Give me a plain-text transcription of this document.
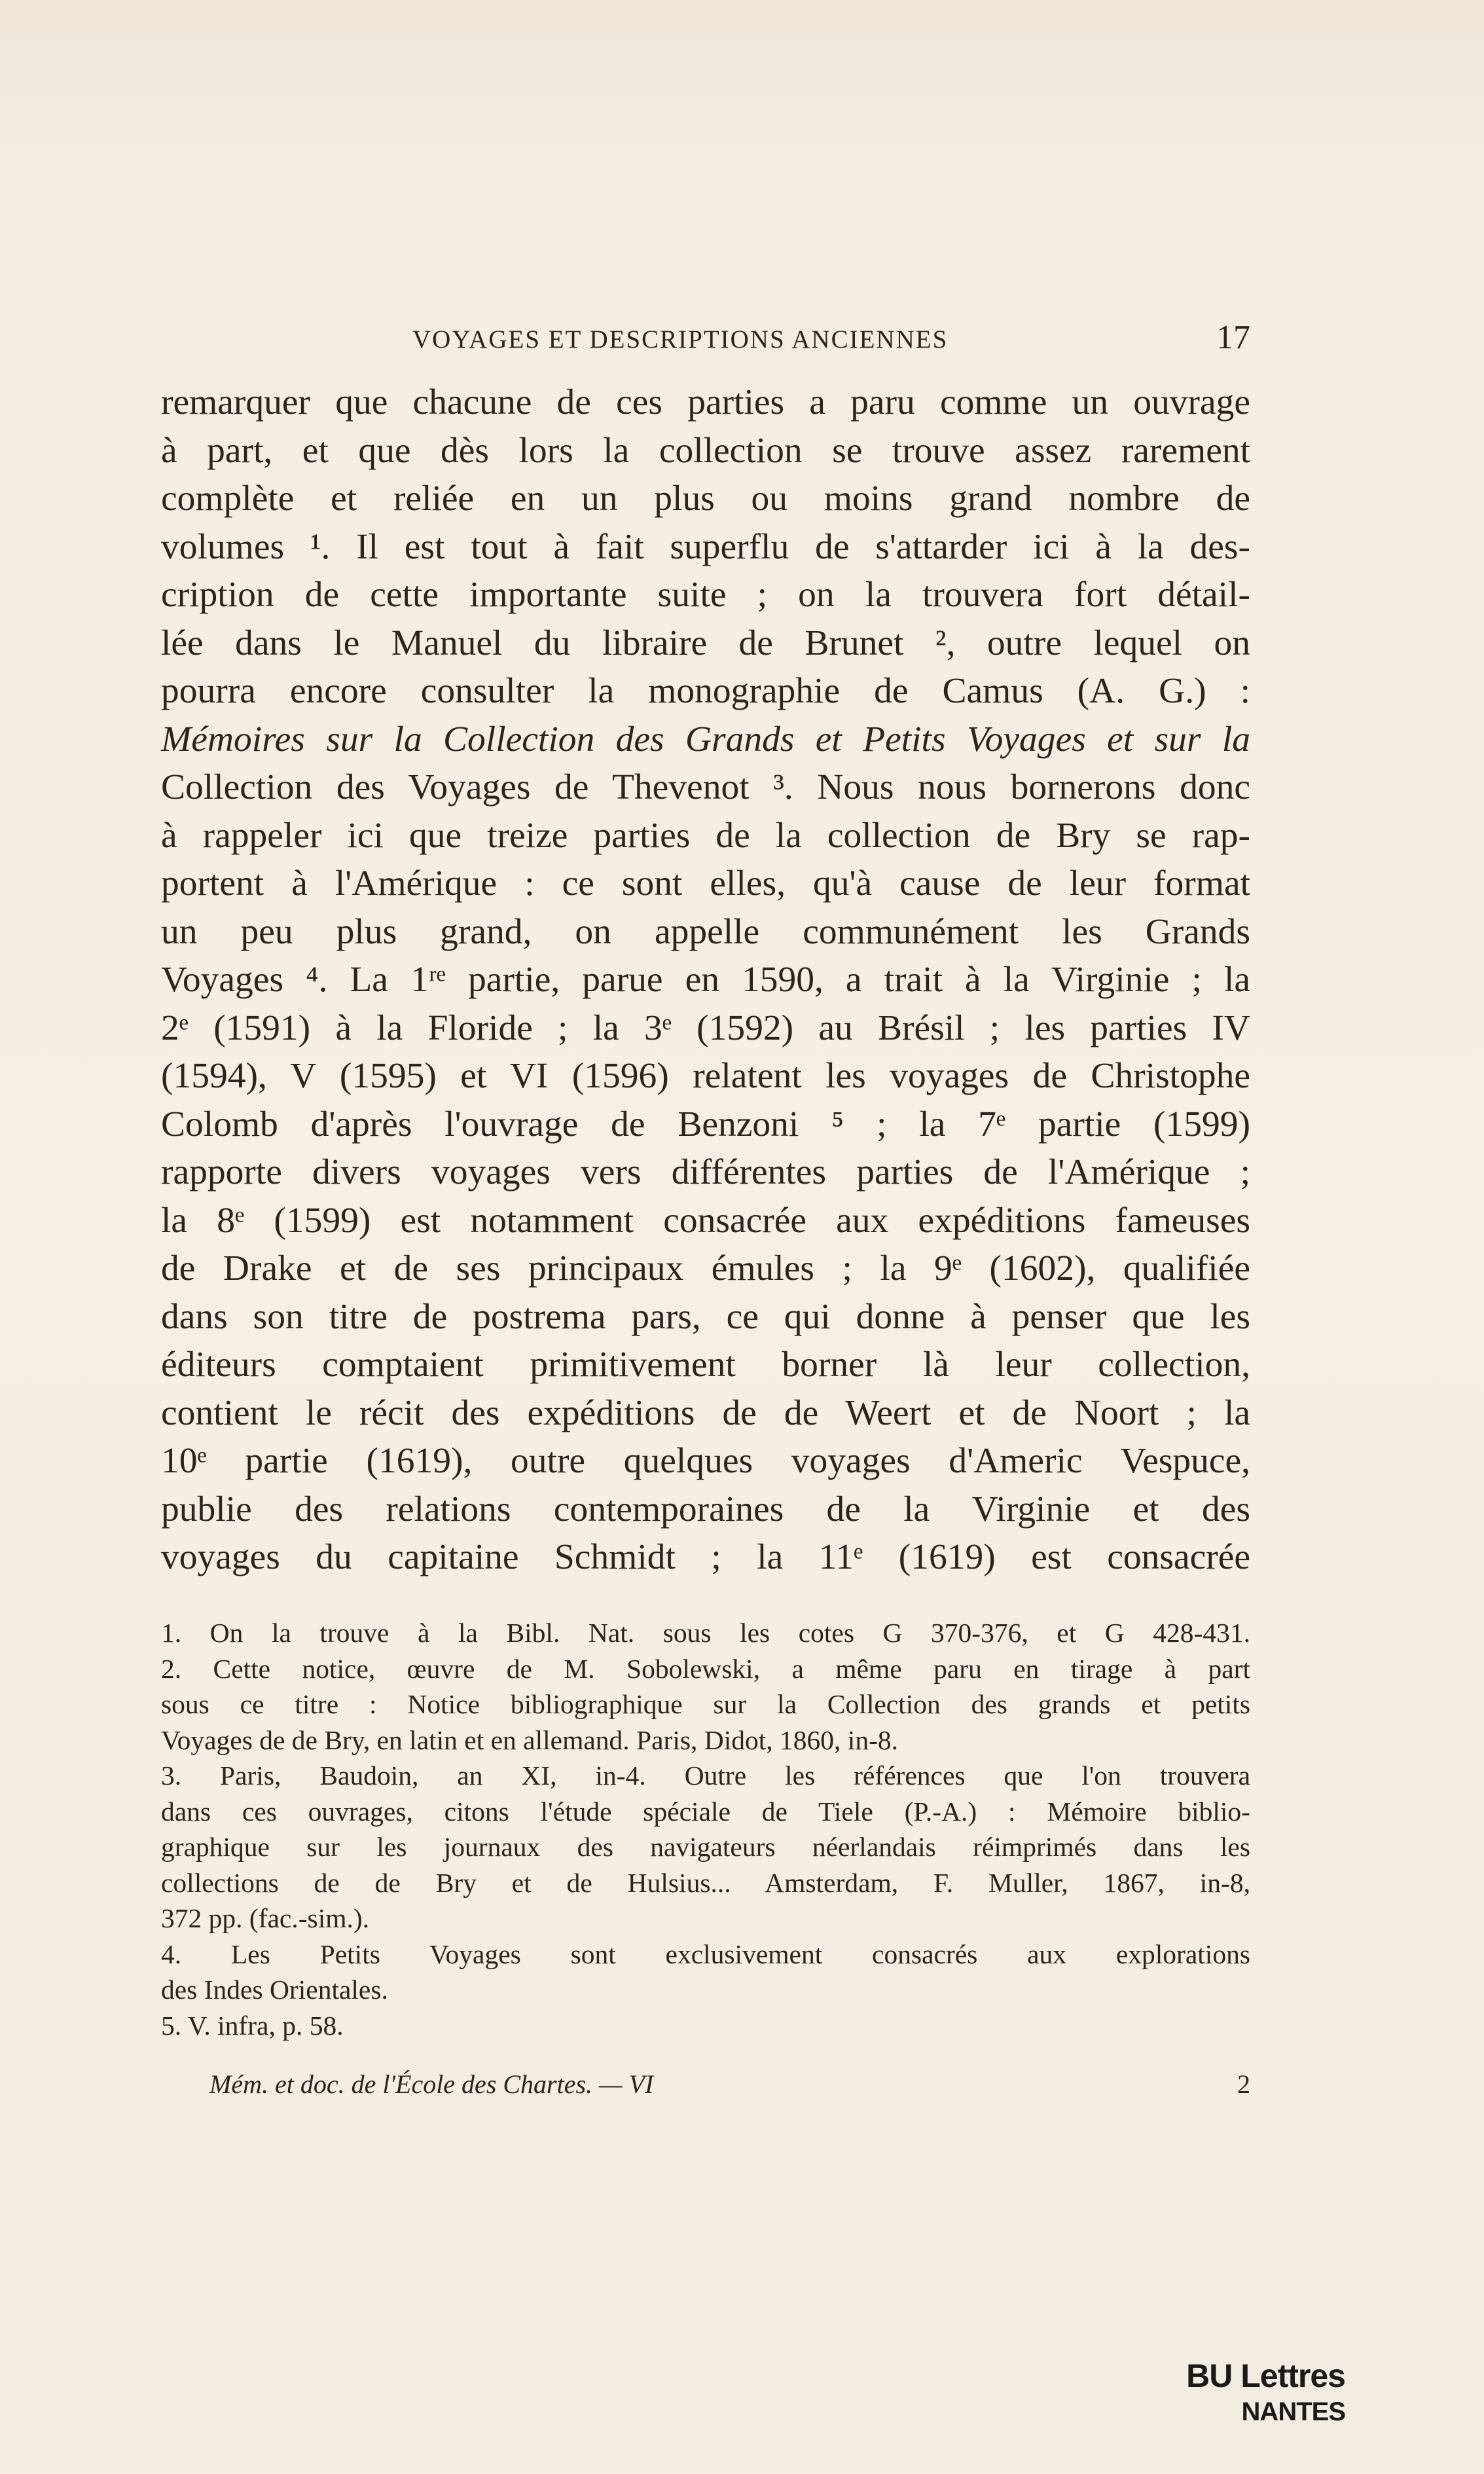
VOYAGES ET DESCRIPTIONS ANCIENNES	17
remarquer que chacune de ces parties a paru comme un ouvrage
à part, et que dès lors la collection se trouve assez rarement
complète et reliée en un plus ou moins grand nombre de
volumes ¹. Il est tout à fait superflu de s'attarder ici à la des-
cription de cette importante suite ; on la trouvera fort détail-
lée dans le Manuel du libraire de Brunet ², outre lequel on
pourra encore consulter la monographie de Camus (A. G.) :
Mémoires sur la Collection des Grands et Petits Voyages et sur la
Collection des Voyages de Thevenot ³. Nous nous bornerons donc
à rappeler ici que treize parties de la collection de Bry se rap-
portent à l'Amérique : ce sont elles, qu'à cause de leur format
un peu plus grand, on appelle communément les Grands
Voyages ⁴. La 1ʳᵉ partie, parue en 1590, a trait à la Virginie ; la
2ᵉ (1591) à la Floride ; la 3ᵉ (1592) au Brésil ; les parties IV
(1594), V (1595) et VI (1596) relatent les voyages de Christophe
Colomb d'après l'ouvrage de Benzoni ⁵ ; la 7ᵉ partie (1599)
rapporte divers voyages vers différentes parties de l'Amérique ;
la 8ᵉ (1599) est notamment consacrée aux expéditions fameuses
de Drake et de ses principaux émules ; la 9ᵉ (1602), qualifiée
dans son titre de postrema pars, ce qui donne à penser que les
éditeurs comptaient primitivement borner là leur collection,
contient le récit des expéditions de de Weert et de Noort ; la
10ᵉ partie (1619), outre quelques voyages d'Americ Vespuce,
publie des relations contemporaines de la Virginie et des
voyages du capitaine Schmidt ; la 11ᵉ (1619) est consacrée
1. On la trouve à la Bibl. Nat. sous les cotes G 370-376, et G 428-431.
2. Cette notice, œuvre de M. Sobolewski, a même paru en tirage à part
sous ce titre : Notice bibliographique sur la Collection des grands et petits
Voyages de de Bry, en latin et en allemand. Paris, Didot, 1860, in-8.
3. Paris, Baudoin, an XI, in-4. Outre les références que l'on trouvera
dans ces ouvrages, citons l'étude spéciale de Tiele (P.-A.) : Mémoire biblio-
graphique sur les journaux des navigateurs néerlandais réimprimés dans les
collections de de Bry et de Hulsius... Amsterdam, F. Muller, 1867, in-8,
372 pp. (fac.-sim.).
4. Les Petits Voyages sont exclusivement consacrés aux explorations
des Indes Orientales.
5. V. infra, p. 58.
Mém. et doc. de l'École des Chartes. — VI	2
BU Lettres
NANTES
